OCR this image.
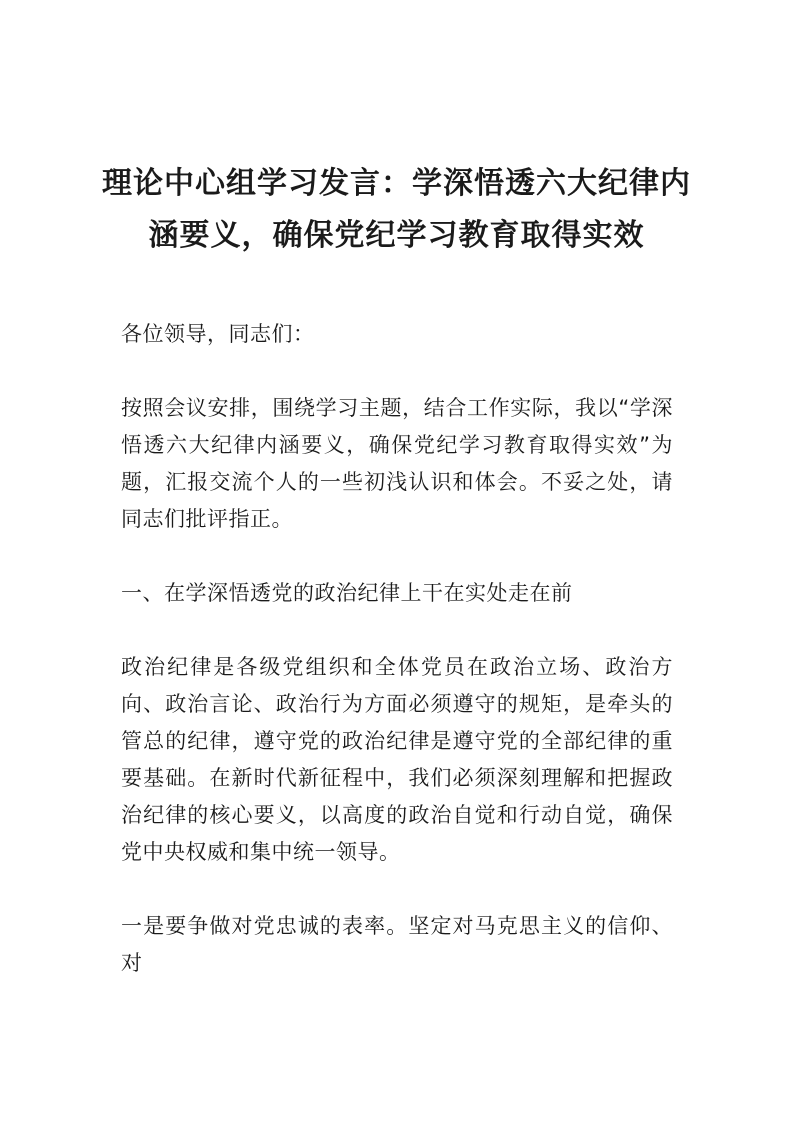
理论中心组学习发言：学深悟透六大纪律内涵要义，确保党纪学习教育取得实效

各位领导，同志们：

按照会议安排，围绕学习主题，结合工作实际，我以“学深悟透六大纪律内涵要义，确保党纪学习教育取得实效”为题，汇报交流个人的一些初浅认识和体会。不妥之处，请同志们批评指正。

一、在学深悟透党的政治纪律上干在实处走在前

政治纪律是各级党组织和全体党员在政治立场、政治方向、政治言论、政治行为方面必须遵守的规矩，是牵头的管总的纪律，遵守党的政治纪律是遵守党的全部纪律的重要基础。在新时代新征程中，我们必须深刻理解和把握政治纪律的核心要义，以高度的政治自觉和行动自觉，确保党中央权威和集中统一领导。

一是要争做对党忠诚的表率。坚定对马克思主义的信仰、对
